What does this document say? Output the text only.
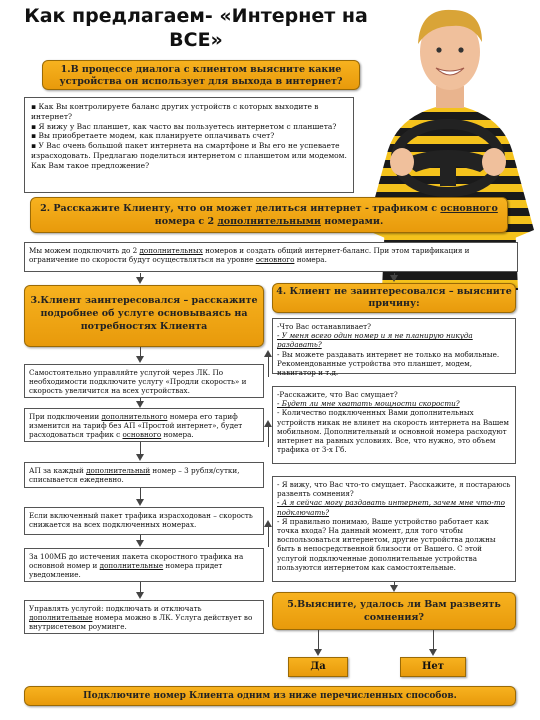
Как предлагаем- «Интернет на ВСЕ»
1.В процессе диалога с клиентом выясните какие устройства он использует для выхода в интернет?
▪ Как Вы контролируете баланс других устройств с которых выходите в интернет?
▪ Я вижу у Вас планшет, как часто вы пользуетесь интернетом с планшета?
▪ Вы приобретаете модем, как планируете оплачивать счет?
▪ У Вас очень большой пакет интернета на смартфоне и Вы его не успеваете израсходовать. Предлагаю поделиться интернетом с планшетом или модемом. Как Вам такое предложение?
2. Расскажите Клиенту, что он может делиться интернет - трафиком с основного номера с 2 дополнительными номерами.
Мы можем подключить до 2 дополнительных номеров и создать общий интернет-баланс. При этом тарификация и ограничение по скорости будут осуществляться на уровне основного номера.
3.Клиент заинтересовался – расскажите подробнее об услуге основываясь на потребностях Клиента
Самостоятельно управляйте услугой через ЛК. По необходимости подключите услугу «Продли скорость» и скорость увеличится на всех устройствах.
При подключении дополнительного номера его тариф изменится на тариф без АП «Простой интернет», будет расходоваться трафик с основного номера.
АП за каждый дополнительный номер – 3 рубля/сутки, списывается ежедневно.
Если включенный пакет трафика израсходован – скорость снижается на всех подключенных номерах.
За 100МБ до истечения пакета скоростного трафика на основной номер и дополнительные номера придет уведомление.
Управлять услугой: подключать и отключать дополнительные номера можно в ЛК. Услуга действует во внутрисетевом роуминге.
4. Клиент не заинтересовался – выясните причину:
-Что Вас останавливает?
- У меня всего один номер и я не планирую никуда раздавать?
- Вы можете раздавать интернет не только на мобильные. Рекомендованные устройства это планшет, модем, навигатор и т.д.
-Расскажите, что Вас смущает?
- Будет ли мне хватать мощности скорости?
- Количество подключенных Вами дополнительных устройств никак не влияет на скорость интернета на Вашем мобильном. Дополнительный и основной номера расходуют интернет на равных условиях. Все, что нужно, это объем трафика от 3-х Гб.
- Я вижу, что Вас что-то смущает. Расскажите, я постараюсь развеять сомнения?
- А я сейчас могу раздавать интернет, зачем мне что-то подключать?
- Я правильно понимаю, Ваше устройство работает как точка входа? На данный момент, для того чтобы воспользоваться интернетом, другие устройства должны быть в непосредственной близости от Вашего. С этой услугой подключенные дополнительные устройства пользуются интернетом как самостоятельные.
5.Выясните, удалось ли Вам развеять сомнения?
Да	Нет
Подключите номер Клиента одним из ниже перечисленных способов.
